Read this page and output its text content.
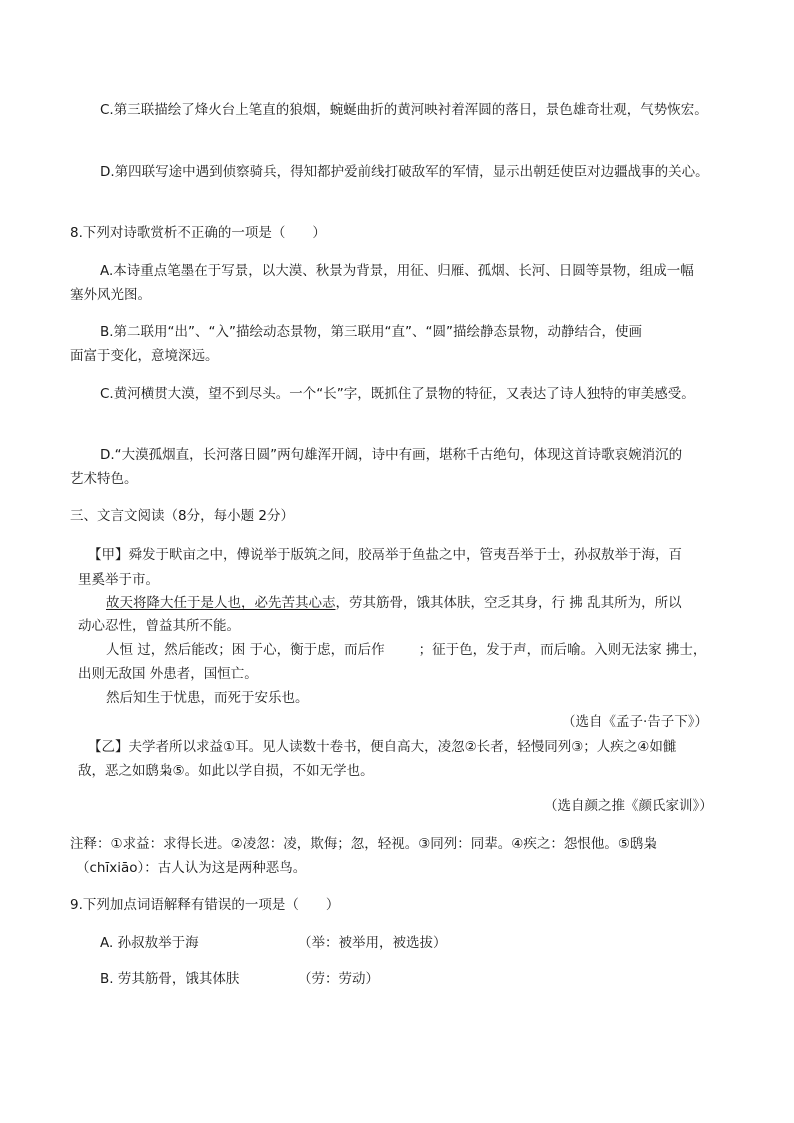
C.第三联描绘了烽火台上笔直的狼烟，蜿蜒曲折的黄河映衬着浑圆的落日，景色雄奇壮观，气势恢宏。
D.第四联写途中遇到侦察骑兵，得知都护爱前线打破敌军的军情，显示出朝廷使臣对边疆战事的关心。
8.下列对诗歌赏析不正确的一项是（　　）
A.本诗重点笔墨在于写景，以大漠、秋景为背景，用征、归雁、孤烟、长河、日圆等景物，组成一幅
塞外风光图。
B.第二联用“出”、“入”描绘动态景物，第三联用“直”、“圆”描绘静态景物，动静结合，使画
面富于变化，意境深远。
C.黄河横贯大漠，望不到尽头。一个“长”字，既抓住了景物的特征，又表达了诗人独特的审美感受。
D.“大漠孤烟直，长河落日圆”两句雄浑开阔，诗中有画，堪称千古绝句，体现这首诗歌哀婉消沉的
艺术特色。
三、文言文阅读（8分，每小题 2分）
【甲】舜发于畎亩之中，傅说举于版筑之间，胶鬲举于鱼盐之中，管夷吾举于士，孙叔敖举于海，百
里奚举于市。
故天将降大任于是人也，必先苦其心志，劳其筋骨，饿其体肤，空乏其身，行 拂 乱其所为，所以
动心忍性，曾益其所不能。
人恒 过，然后能改；困 于心，衡于虑，而后作	；征于色，发于声，而后喻。入则无法家 拂士，
出则无敌国 外患者，国恒亡。
然后知生于忧患，而死于安乐也。
（选自《孟子·告子下》）
【乙】夫学者所以求益①耳。见人读数十卷书，便自高大，凌忽②长者，轻慢同列③；人疾之④如雠
敌，恶之如鸱枭⑤。如此以学自损，不如无学也。
（选自颜之推《颜氏家训》）
注释：①求益：求得长进。②凌忽：凌，欺侮；忽，轻视。③同列：同辈。④疾之：怨恨他。⑤鸱枭
（chīxiāo）：古人认为这是两种恶鸟。
9.下列加点词语解释有错误的一项是（　　）
A. 孙叔敖举于海	（举：被举用，被选拔）
B. 劳其筋骨，饿其体肤	（劳：劳动）
